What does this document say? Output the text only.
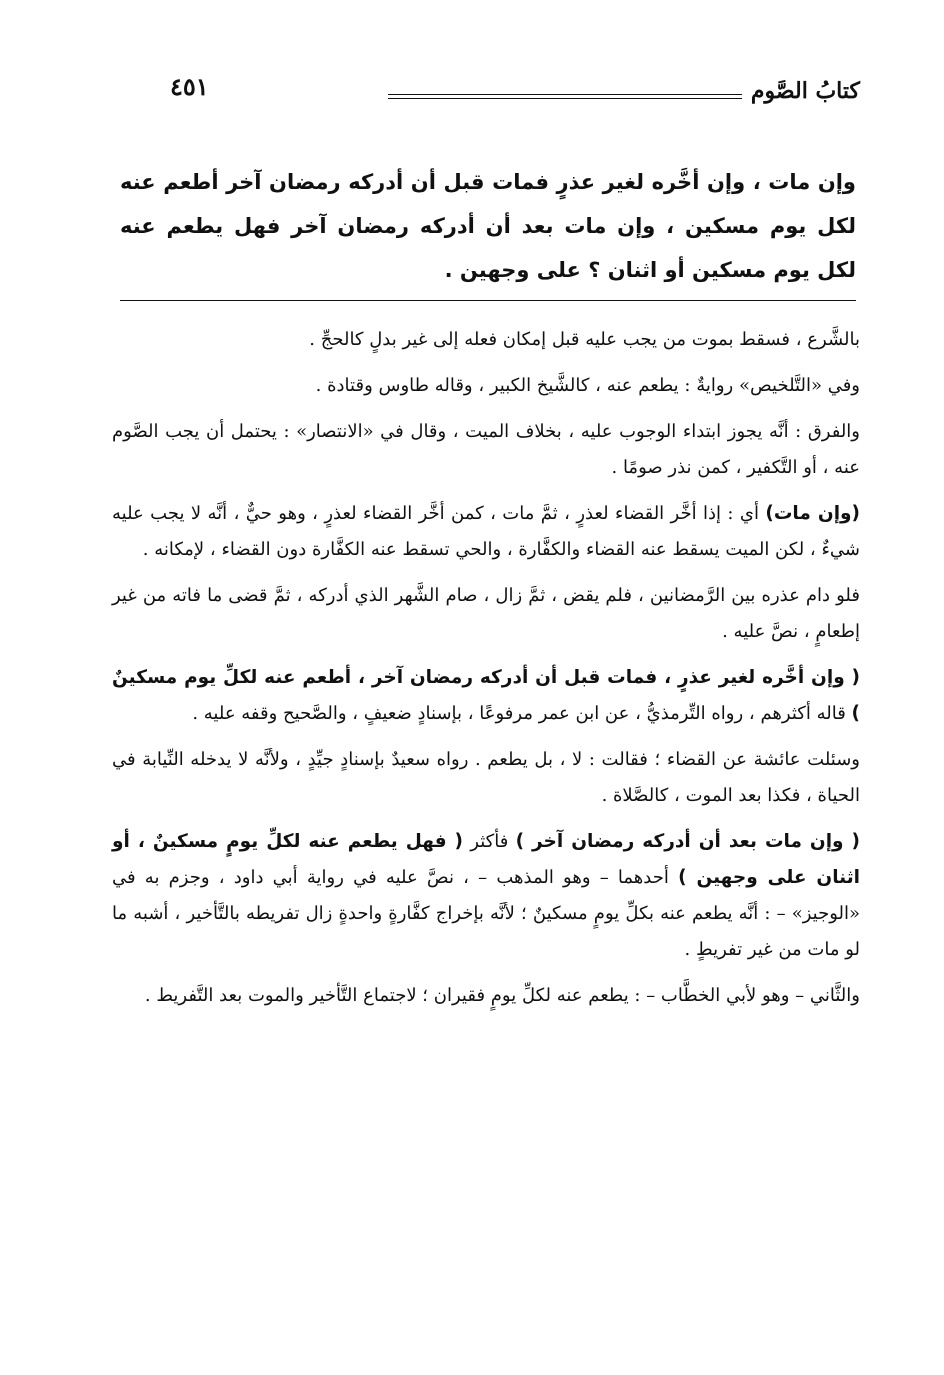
كتابُ الصَّوم
٤٥١
وإن مات ، وإن أخَّره لغير عذرٍ فمات قبل أن أدركه رمضان آخر أطعم عنه لكل يوم مسكين ، وإن مات بعد أن أدركه رمضان آخر فهل يطعم عنه لكل يوم مسكين أو اثنان ؟ على وجهين .

بالشَّرع ، فسقط بموت من يجب عليه قبل إمكان فعله إلى غير بدلٍ كالحجِّ .

وفي «التَّلخيص» روايةٌ : يطعم عنه ، كالشَّيخ الكبير ، وقاله طاوس وقتادة .

والفرق : أنَّه يجوز ابتداء الوجوب عليه ، بخلاف الميت ، وقال في «الانتصار» : يحتمل أن يجب الصَّوم عنه ، أو التَّكفير ، كمن نذر صومًا .

(وإن مات) أي : إذا أخَّر القضاء لعذرٍ ، ثمَّ مات ، كمن أخَّر القضاء لعذرٍ ، وهو حيٌّ ، أنَّه لا يجب عليه شيءٌ ، لكن الميت يسقط عنه القضاء والكفَّارة ، والحي تسقط عنه الكفَّارة دون القضاء ، لإمكانه .

فلو دام عذره بين الرَّمضانين ، فلم يقض ، ثمَّ زال ، صام الشَّهر الذي أدركه ، ثمَّ قضى ما فاته من غير إطعامٍ ، نصَّ عليه .

( وإن أخَّره لغير عذرٍ ، فمات قبل أن أدركه رمضان آخر ، أطعم عنه لكلِّ يوم مسكينٌ ) قاله أكثرهم ، رواه التِّرمذيُّ ، عن ابن عمر مرفوعًا ، بإسنادٍ ضعيفٍ ، والصَّحيح وقفه عليه .

وسئلت عائشة عن القضاء ؛ فقالت : لا ، بل يطعم . رواه سعيدٌ بإسنادٍ جيِّدٍ ، ولأنَّه لا يدخله النِّيابة في الحياة ، فكذا بعد الموت ، كالصَّلاة .

( وإن مات بعد أن أدركه رمضان آخر ) فأكثر ( فهل يطعم عنه لكلِّ يومٍ مسكينٌ ، أو اثنان على وجهين ) أحدهما – وهو المذهب – ، نصَّ عليه في رواية أبي داود ، وجزم به في «الوجيز» – : أنَّه يطعم عنه بكلِّ يومٍ مسكينٌ ؛ لأنَّه بإخراج كفَّارةٍ واحدةٍ زال تفريطه بالتَّأخير ، أشبه ما لو مات من غير تفريطٍ .

والثَّاني – وهو لأبي الخطَّاب – : يطعم عنه لكلِّ يومٍ فقيران ؛ لاجتماع التَّأخير والموت بعد التَّفريط .
